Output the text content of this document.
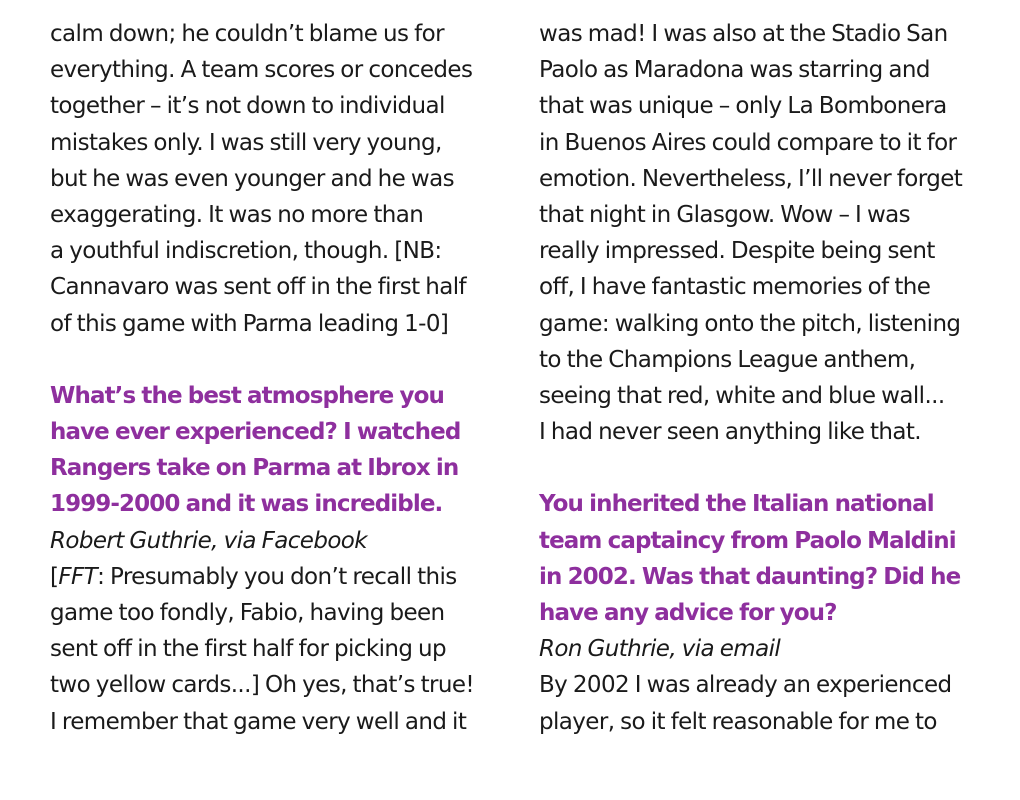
calm down; he couldn’t blame us for
everything. A team scores or concedes
together – it’s not down to individual
mistakes only. I was still very young,
but he was even younger and he was
exaggerating. It was no more than
a youthful indiscretion, though. [NB:
Cannavaro was sent off in the first half
of this game with Parma leading 1-0]
What’s the best atmosphere you
have ever experienced? I watched
Rangers take on Parma at Ibrox in
1999-2000 and it was incredible.
Robert Guthrie, via Facebook
[FFT: Presumably you don’t recall this
game too fondly, Fabio, having been
sent off in the first half for picking up
two yellow cards...] Oh yes, that’s true!
I remember that game very well and it
was mad! I was also at the Stadio San
Paolo as Maradona was starring and
that was unique – only La Bombonera
in Buenos Aires could compare to it for
emotion. Nevertheless, I’ll never forget
that night in Glasgow. Wow – I was
really impressed. Despite being sent
off, I have fantastic memories of the
game: walking onto the pitch, listening
to the Champions League anthem,
seeing that red, white and blue wall...
I had never seen anything like that.
You inherited the Italian national
team captaincy from Paolo Maldini
in 2002. Was that daunting? Did he
have any advice for you?
Ron Guthrie, via email
By 2002 I was already an experienced
player, so it felt reasonable for me to
